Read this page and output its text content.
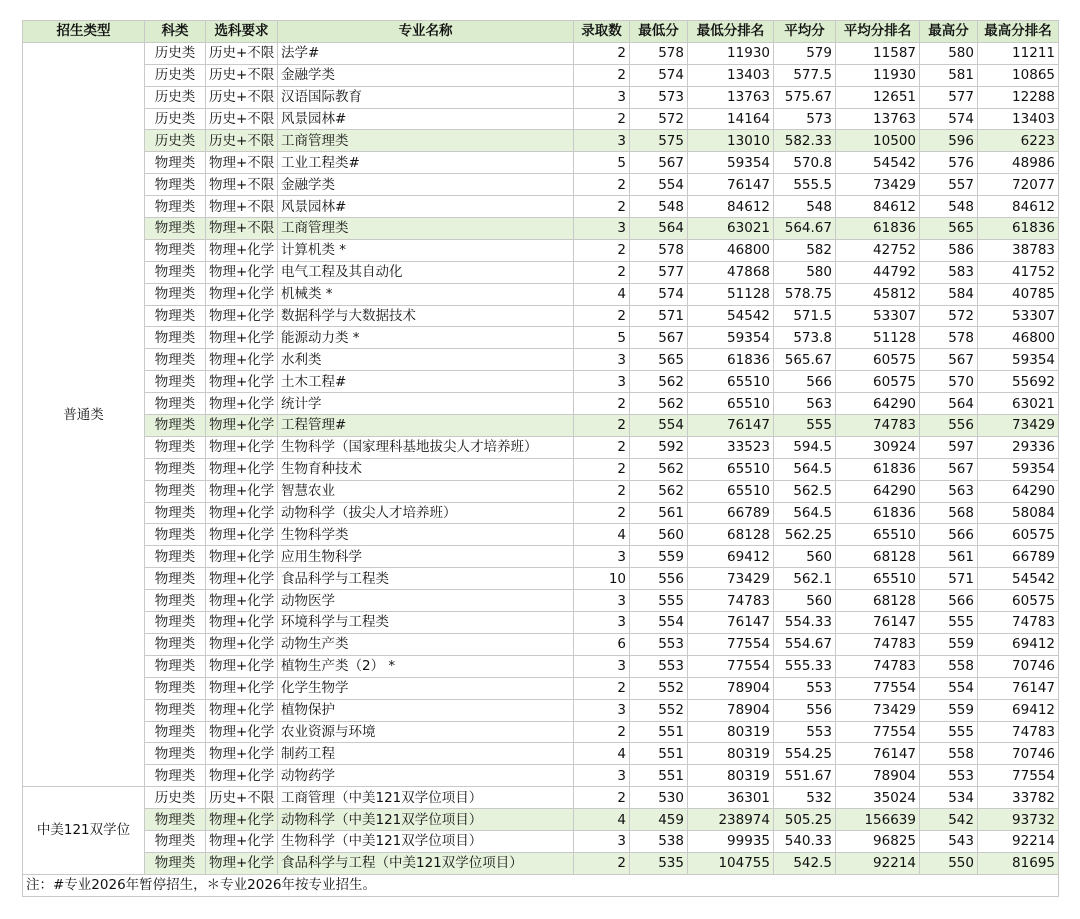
招生类型	科类	选科要求	专业名称	录取数	最低分	最低分排名	平均分	平均分排名	最高分	最高分排名
普通类	历史类	历史+不限	法学#	2	578	11930	579	11587	580	11211
	历史类	历史+不限	金融学类	2	574	13403	577.5	11930	581	10865
	历史类	历史+不限	汉语国际教育	3	573	13763	575.67	12651	577	12288
	历史类	历史+不限	风景园林#	2	572	14164	573	13763	574	13403
	历史类	历史+不限	工商管理类	3	575	13010	582.33	10500	596	6223
	物理类	物理+不限	工业工程类#	5	567	59354	570.8	54542	576	48986
	物理类	物理+不限	金融学类	2	554	76147	555.5	73429	557	72077
	物理类	物理+不限	风景园林#	2	548	84612	548	84612	548	84612
	物理类	物理+不限	工商管理类	3	564	63021	564.67	61836	565	61836
	物理类	物理+化学	计算机类 *	2	578	46800	582	42752	586	38783
	物理类	物理+化学	电气工程及其自动化	2	577	47868	580	44792	583	41752
	物理类	物理+化学	机械类 *	4	574	51128	578.75	45812	584	40785
	物理类	物理+化学	数据科学与大数据技术	2	571	54542	571.5	53307	572	53307
	物理类	物理+化学	能源动力类 *	5	567	59354	573.8	51128	578	46800
	物理类	物理+化学	水利类	3	565	61836	565.67	60575	567	59354
	物理类	物理+化学	土木工程#	3	562	65510	566	60575	570	55692
	物理类	物理+化学	统计学	2	562	65510	563	64290	564	63021
	物理类	物理+化学	工程管理#	2	554	76147	555	74783	556	73429
	物理类	物理+化学	生物科学（国家理科基地拔尖人才培养班）	2	592	33523	594.5	30924	597	29336
	物理类	物理+化学	生物育种技术	2	562	65510	564.5	61836	567	59354
	物理类	物理+化学	智慧农业	2	562	65510	562.5	64290	563	64290
	物理类	物理+化学	动物科学（拔尖人才培养班）	2	561	66789	564.5	61836	568	58084
	物理类	物理+化学	生物科学类	4	560	68128	562.25	65510	566	60575
	物理类	物理+化学	应用生物科学	3	559	69412	560	68128	561	66789
	物理类	物理+化学	食品科学与工程类	10	556	73429	562.1	65510	571	54542
	物理类	物理+化学	动物医学	3	555	74783	560	68128	566	60575
	物理类	物理+化学	环境科学与工程类	3	554	76147	554.33	76147	555	74783
	物理类	物理+化学	动物生产类	6	553	77554	554.67	74783	559	69412
	物理类	物理+化学	植物生产类（2） *	3	553	77554	555.33	74783	558	70746
	物理类	物理+化学	化学生物学	2	552	78904	553	77554	554	76147
	物理类	物理+化学	植物保护	3	552	78904	556	73429	559	69412
	物理类	物理+化学	农业资源与环境	2	551	80319	553	77554	555	74783
	物理类	物理+化学	制药工程	4	551	80319	554.25	76147	558	70746
	物理类	物理+化学	动物药学	3	551	80319	551.67	78904	553	77554
中美121双学位	历史类	历史+不限	工商管理（中美121双学位项目）	2	530	36301	532	35024	534	33782
	物理类	物理+化学	动物科学（中美121双学位项目）	4	459	238974	505.25	156639	542	93732
	物理类	物理+化学	生物科学（中美121双学位项目）	3	538	99935	540.33	96825	543	92214
	物理类	物理+化学	食品科学与工程（中美121双学位项目）	2	535	104755	542.5	92214	550	81695
注：#专业2026年暂停招生，＊专业2026年按专业招生。										
